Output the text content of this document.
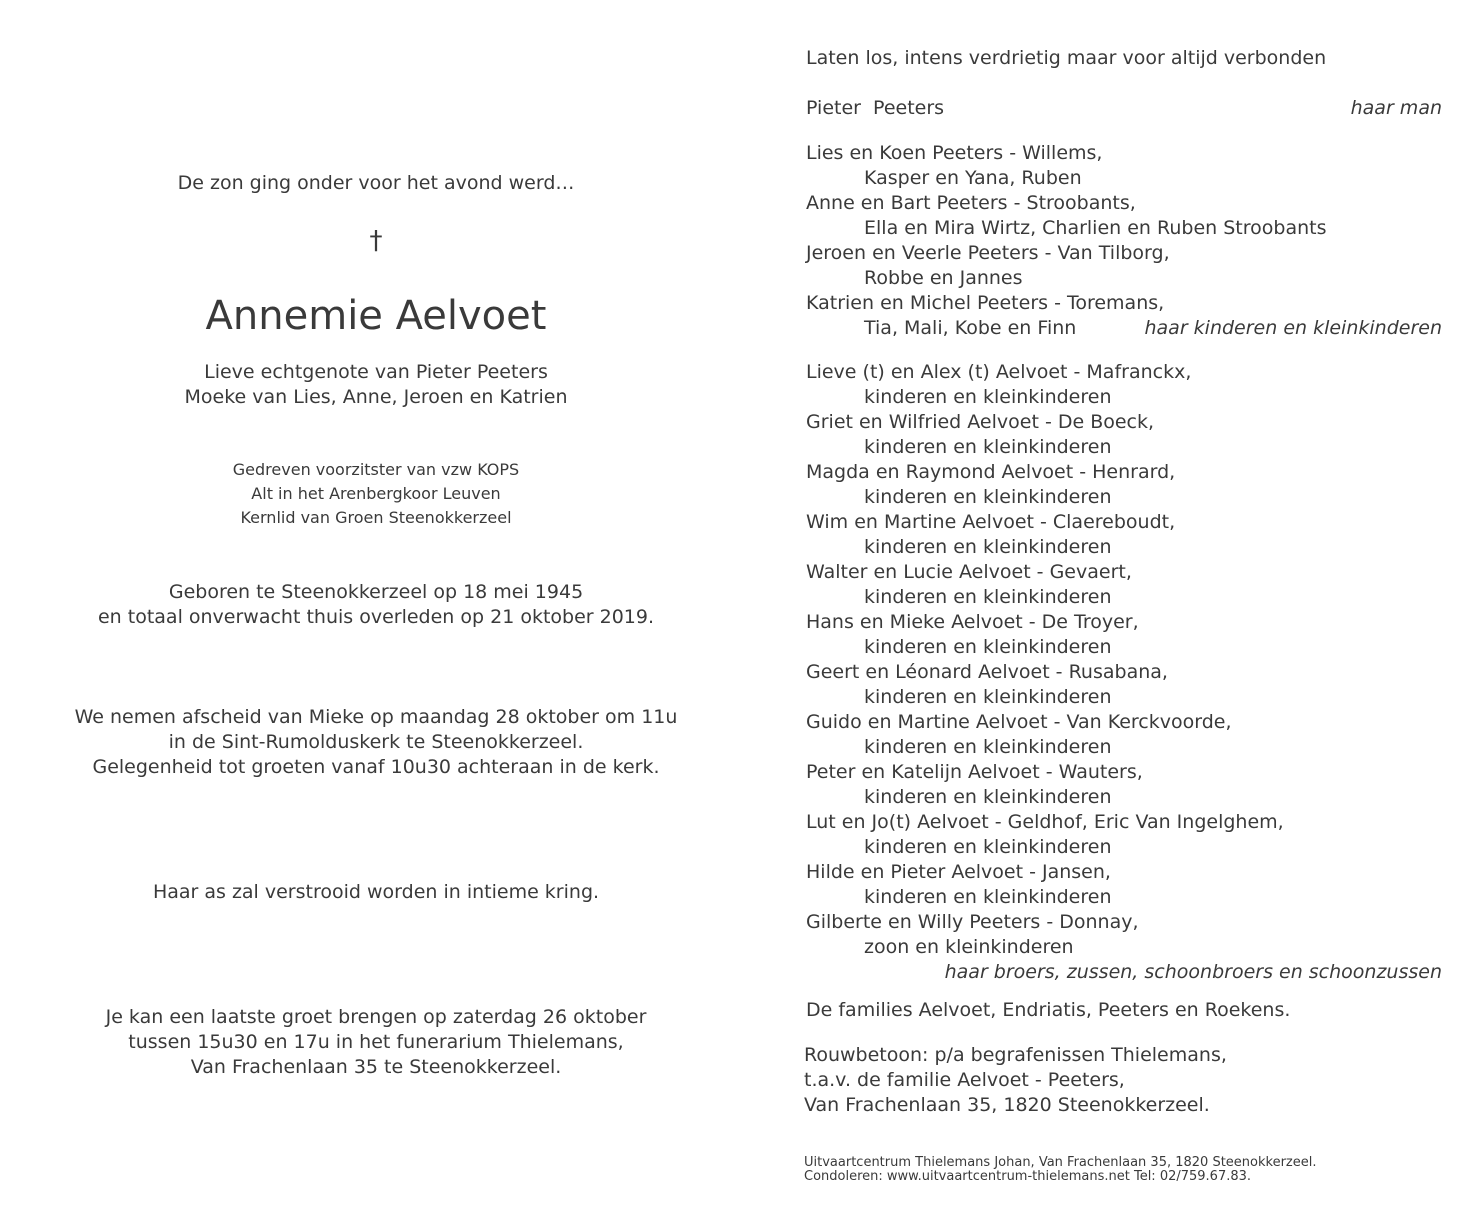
De zon ging onder voor het avond werd…
†
Annemie Aelvoet
Lieve echtgenote van Pieter Peeters
Moeke van Lies, Anne, Jeroen en Katrien
Gedreven voorzitster van vzw KOPS
Alt in het Arenbergkoor Leuven
Kernlid van Groen Steenokkerzeel
Geboren te Steenokkerzeel op 18 mei 1945
en totaal onverwacht thuis overleden op 21 oktober 2019.
We nemen afscheid van Mieke op maandag 28 oktober om 11u
in de Sint-Rumolduskerk te Steenokkerzeel.
Gelegenheid tot groeten vanaf 10u30 achteraan in de kerk.
Haar as zal verstrooid worden in intieme kring.
Je kan een laatste groet brengen op zaterdag 26 oktober
tussen 15u30 en 17u in het funerarium Thielemans,
Van Frachenlaan 35 te Steenokkerzeel.
Laten los, intens verdrietig maar voor altijd verbonden
Pieter  Peeters	haar man
Lies en Koen Peeters - Willems,
Kasper en Yana, Ruben
Anne en Bart Peeters - Stroobants,
Ella en Mira Wirtz, Charlien en Ruben Stroobants
Jeroen en Veerle Peeters - Van Tilborg,
Robbe en Jannes
Katrien en Michel Peeters - Toremans,
Tia, Mali, Kobe en Finn	haar kinderen en kleinkinderen
Lieve (t) en Alex (t) Aelvoet - Mafranckx,
kinderen en kleinkinderen
Griet en Wilfried Aelvoet - De Boeck,
kinderen en kleinkinderen
Magda en Raymond Aelvoet - Henrard,
kinderen en kleinkinderen
Wim en Martine Aelvoet - Claereboudt,
kinderen en kleinkinderen
Walter en Lucie Aelvoet - Gevaert,
kinderen en kleinkinderen
Hans en Mieke Aelvoet - De Troyer,
kinderen en kleinkinderen
Geert en Léonard Aelvoet - Rusabana,
kinderen en kleinkinderen
Guido en Martine Aelvoet - Van Kerckvoorde,
kinderen en kleinkinderen
Peter en Katelijn Aelvoet - Wauters,
kinderen en kleinkinderen
Lut en Jo(t) Aelvoet - Geldhof, Eric Van Ingelghem,
kinderen en kleinkinderen
Hilde en Pieter Aelvoet - Jansen,
kinderen en kleinkinderen
Gilberte en Willy Peeters - Donnay,
zoon en kleinkinderen
haar broers, zussen, schoonbroers en schoonzussen
De families Aelvoet, Endriatis, Peeters en Roekens.
Rouwbetoon: p/a begrafenissen Thielemans,
t.a.v. de familie Aelvoet - Peeters,
Van Frachenlaan 35, 1820 Steenokkerzeel.
Uitvaartcentrum Thielemans Johan, Van Frachenlaan 35, 1820 Steenokkerzeel.
Condoleren: www.uitvaartcentrum-thielemans.net Tel: 02/759.67.83.
